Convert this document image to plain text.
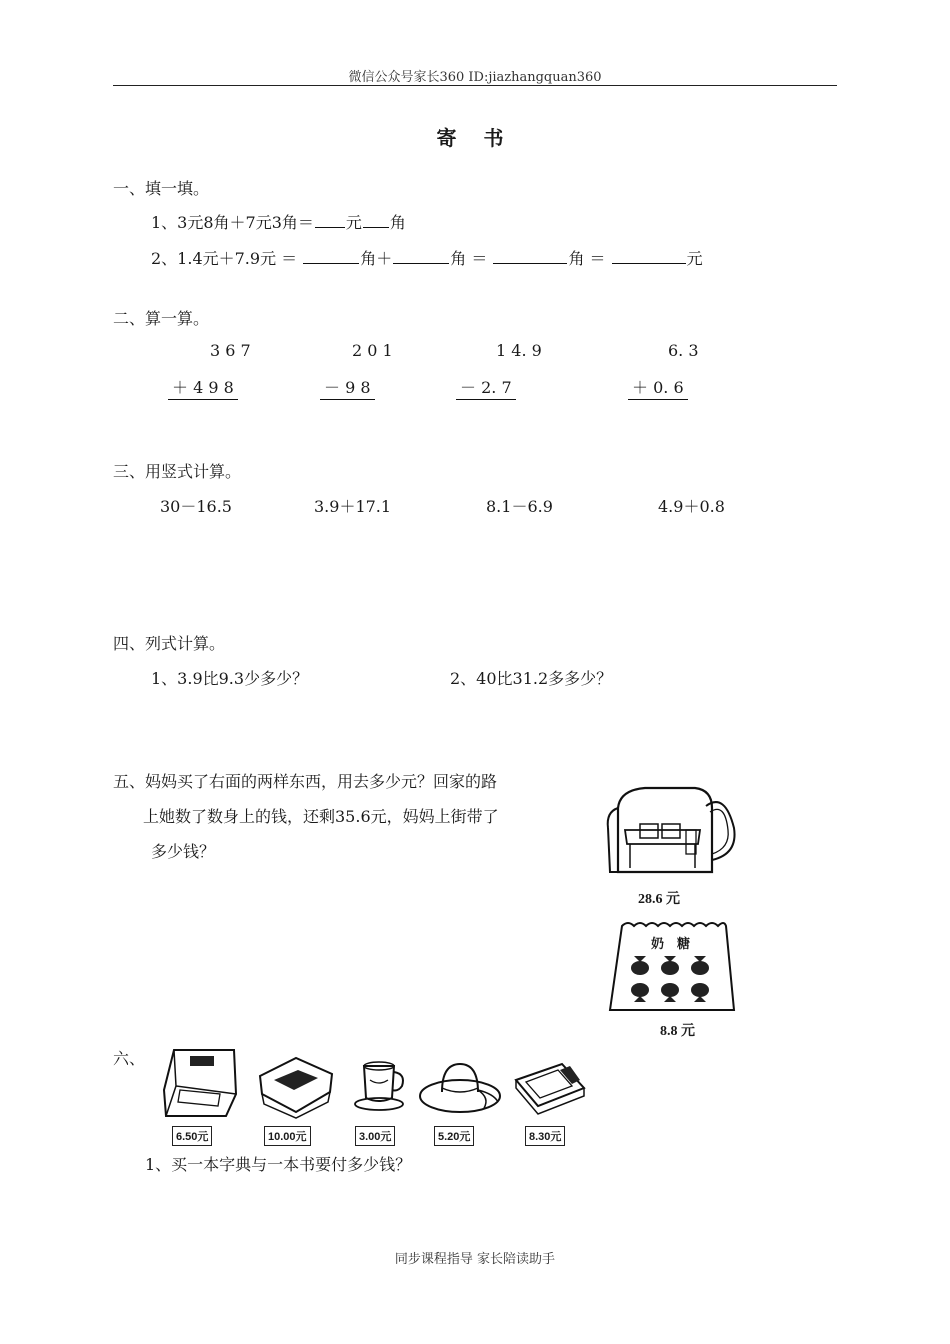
微信公众号家长360 ID:jiazhangquan360
寄 书
一、填一填。
1、3元8角＋7元3角＝ 元 角
2、1.4元＋7.9元 ＝	角＋	角 ＝	角 ＝	元
二、算一算。
3 6 7
＋ 4 9 8
2 0 1
－ 9 8
1 4. 9
－ 2. 7
6. 3
＋ 0. 6
三、用竖式计算。
30－16.5	3.9＋17.1	8.1－6.9	4.9＋0.8
四、列式计算。
1、3.9比9.3少多少？	2、40比31.2多多少？
五、妈妈买了右面的两样东西，用去多少元？回家的路
上她数了数身上的钱，还剩35.6元，妈妈上街带了
多少钱？
28.6 元
奶　糖
8.8 元
六、
6.50元	10.00元	3.00元	5.20元	8.30元
1、买一本字典与一本书要付多少钱？
同步课程指导 家长陪读助手
